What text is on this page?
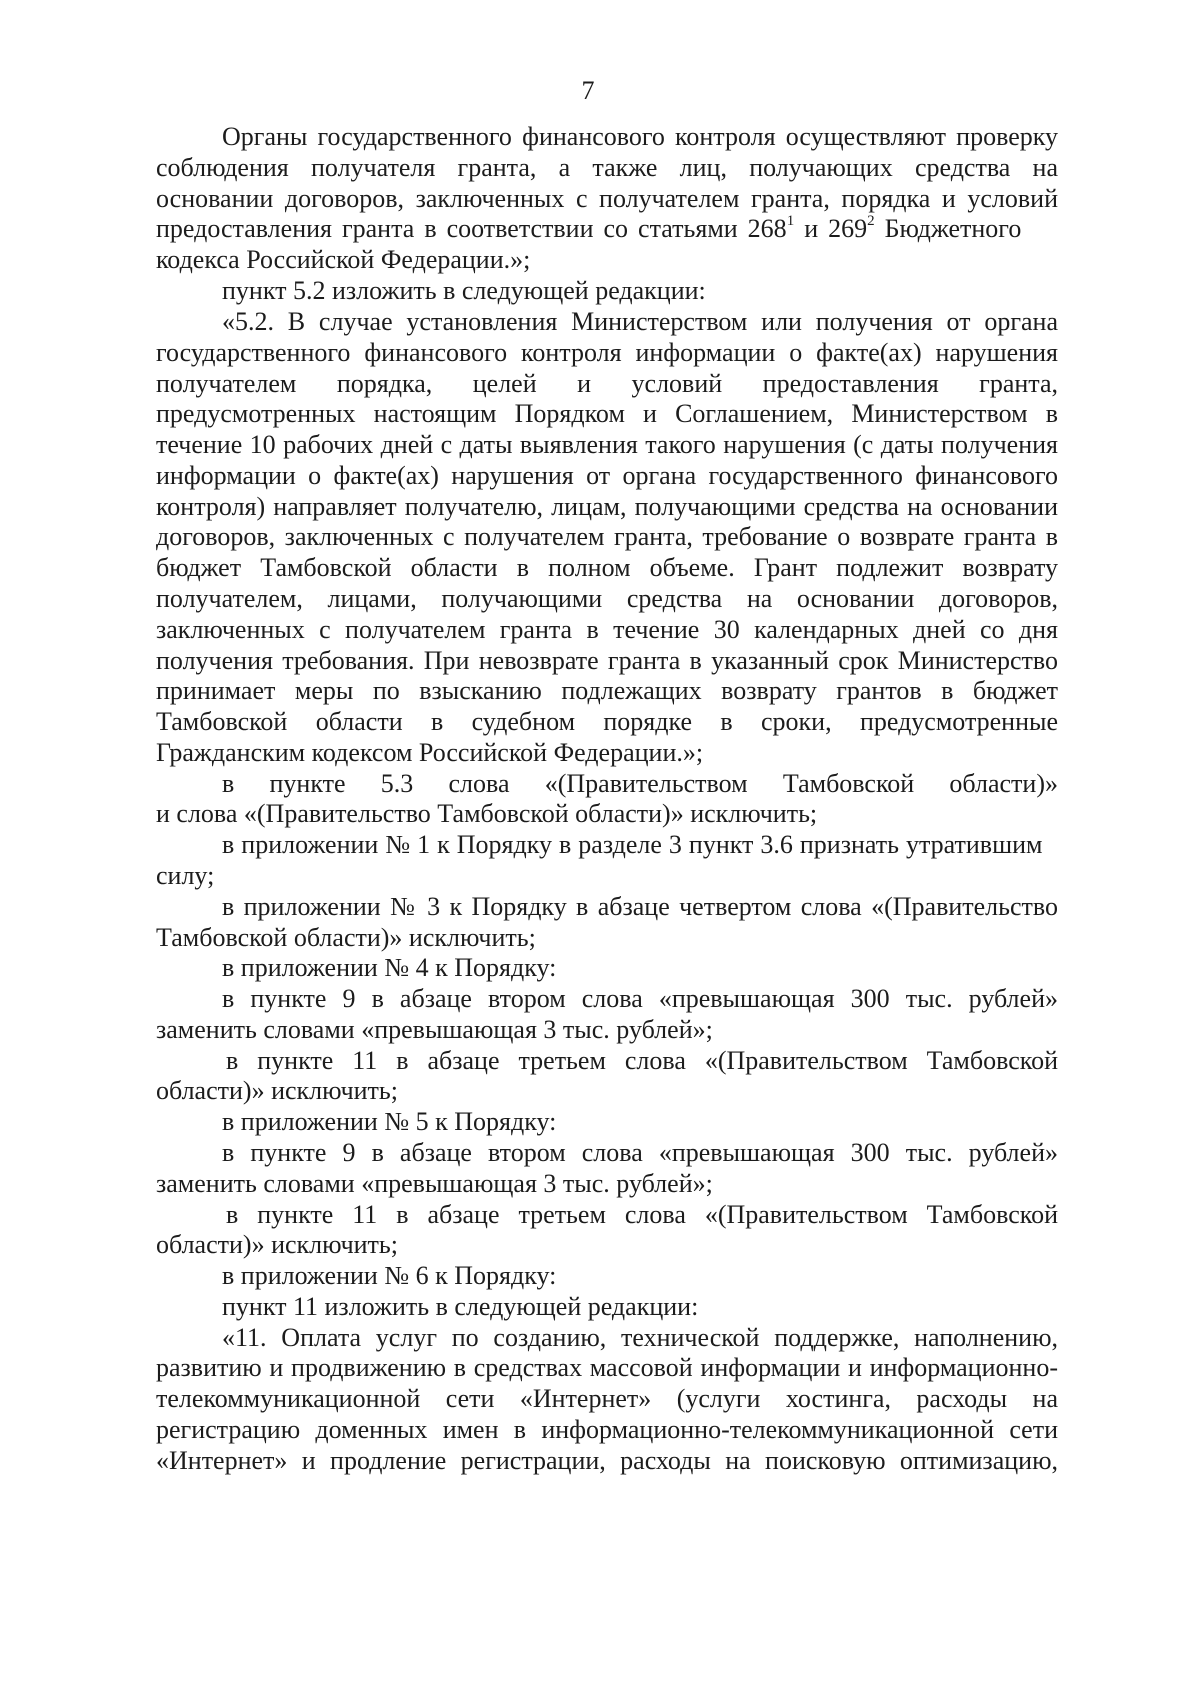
7
Органы государственного финансового контроля осуществляют проверку
соблюдения получателя гранта, а также лиц, получающих средства на
основании договоров, заключенных с получателем гранта, порядка и условий
предоставления гранта в соответствии со статьями $268^1$ и $269^2$ Бюджетного
кодекса Российской Федерации.»;
пункт 5.2 изложить в следующей редакции:
«5.2. В случае установления Министерством или получения от органа
государственного финансового контроля информации о факте(ах) нарушения
получателем порядка, целей и условий предоставления гранта,
предусмотренных настоящим Порядком и Соглашением, Министерством в
течение 10 рабочих дней с даты выявления такого нарушения (с даты получения
информации о факте(ах) нарушения от органа государственного финансового
контроля) направляет получателю, лицам, получающими средства на основании
договоров, заключенных с получателем гранта, требование о возврате гранта в
бюджет Тамбовской области в полном объеме. Грант подлежит возврату
получателем, лицами, получающими средства на основании договоров,
заключенных с получателем гранта в течение 30 календарных дней со дня
получения требования. При невозврате гранта в указанный срок Министерство
принимает меры по взысканию подлежащих возврату грантов в бюджет
Тамбовской области в судебном порядке в сроки, предусмотренные
Гражданским кодексом Российской Федерации.»;
в пункте 5.3 слова «(Правительством Тамбовской области)»
и слова «(Правительство Тамбовской области)» исключить;
в приложении № 1 к Порядку в разделе 3 пункт 3.6 признать утратившим
силу;
в приложении № 3 к Порядку в абзаце четвертом слова «(Правительство
Тамбовской области)» исключить;
в приложении № 4 к Порядку:
в пункте 9 в абзаце втором слова «превышающая 300 тыс. рублей»
заменить словами «превышающая 3 тыс. рублей»;
в пункте 11 в абзаце третьем слова «(Правительством Тамбовской
области)» исключить;
в приложении № 5 к Порядку:
в пункте 9 в абзаце втором слова «превышающая 300 тыс. рублей»
заменить словами «превышающая 3 тыс. рублей»;
в пункте 11 в абзаце третьем слова «(Правительством Тамбовской
области)» исключить;
в приложении № 6 к Порядку:
пункт 11 изложить в следующей редакции:
«11. Оплата услуг по созданию, технической поддержке, наполнению,
развитию и продвижению в средствах массовой информации и информационно-
телекоммуникационной сети «Интернет» (услуги хостинга, расходы на
регистрацию доменных имен в информационно-телекоммуникационной сети
«Интернет» и продление регистрации, расходы на поисковую оптимизацию,
